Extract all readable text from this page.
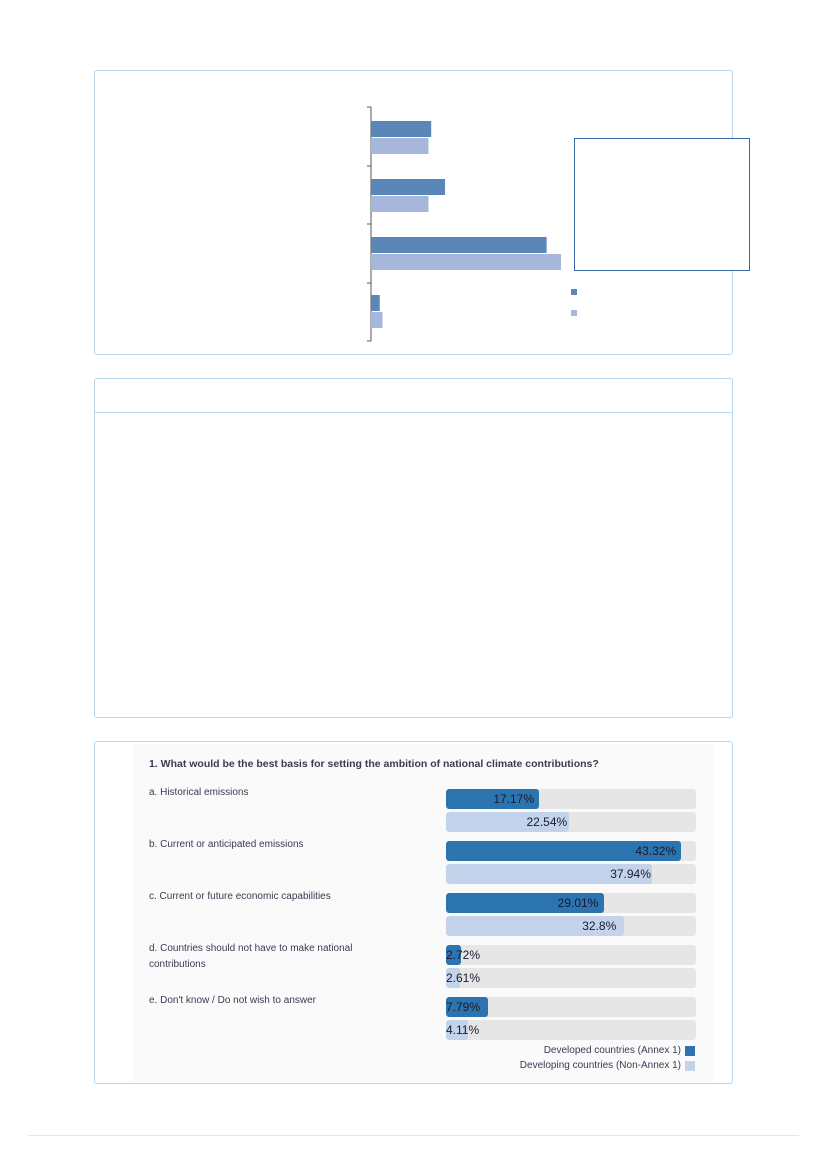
1. What would be the best basis for setting the ambition of national climate contributions?
a. Historical emissions	17.17%
22.54%
b. Current or anticipated emissions	43.32%
37.94%
c. Current or future economic capabilities	29.01%
32.8%
d. Countries should not have to make national contributions
2.72%
2.61%
e. Don't know / Do not wish to answer	7.79%
4.11%
Developed countries (Annex 1)
Developing countries (Non-Annex 1)
